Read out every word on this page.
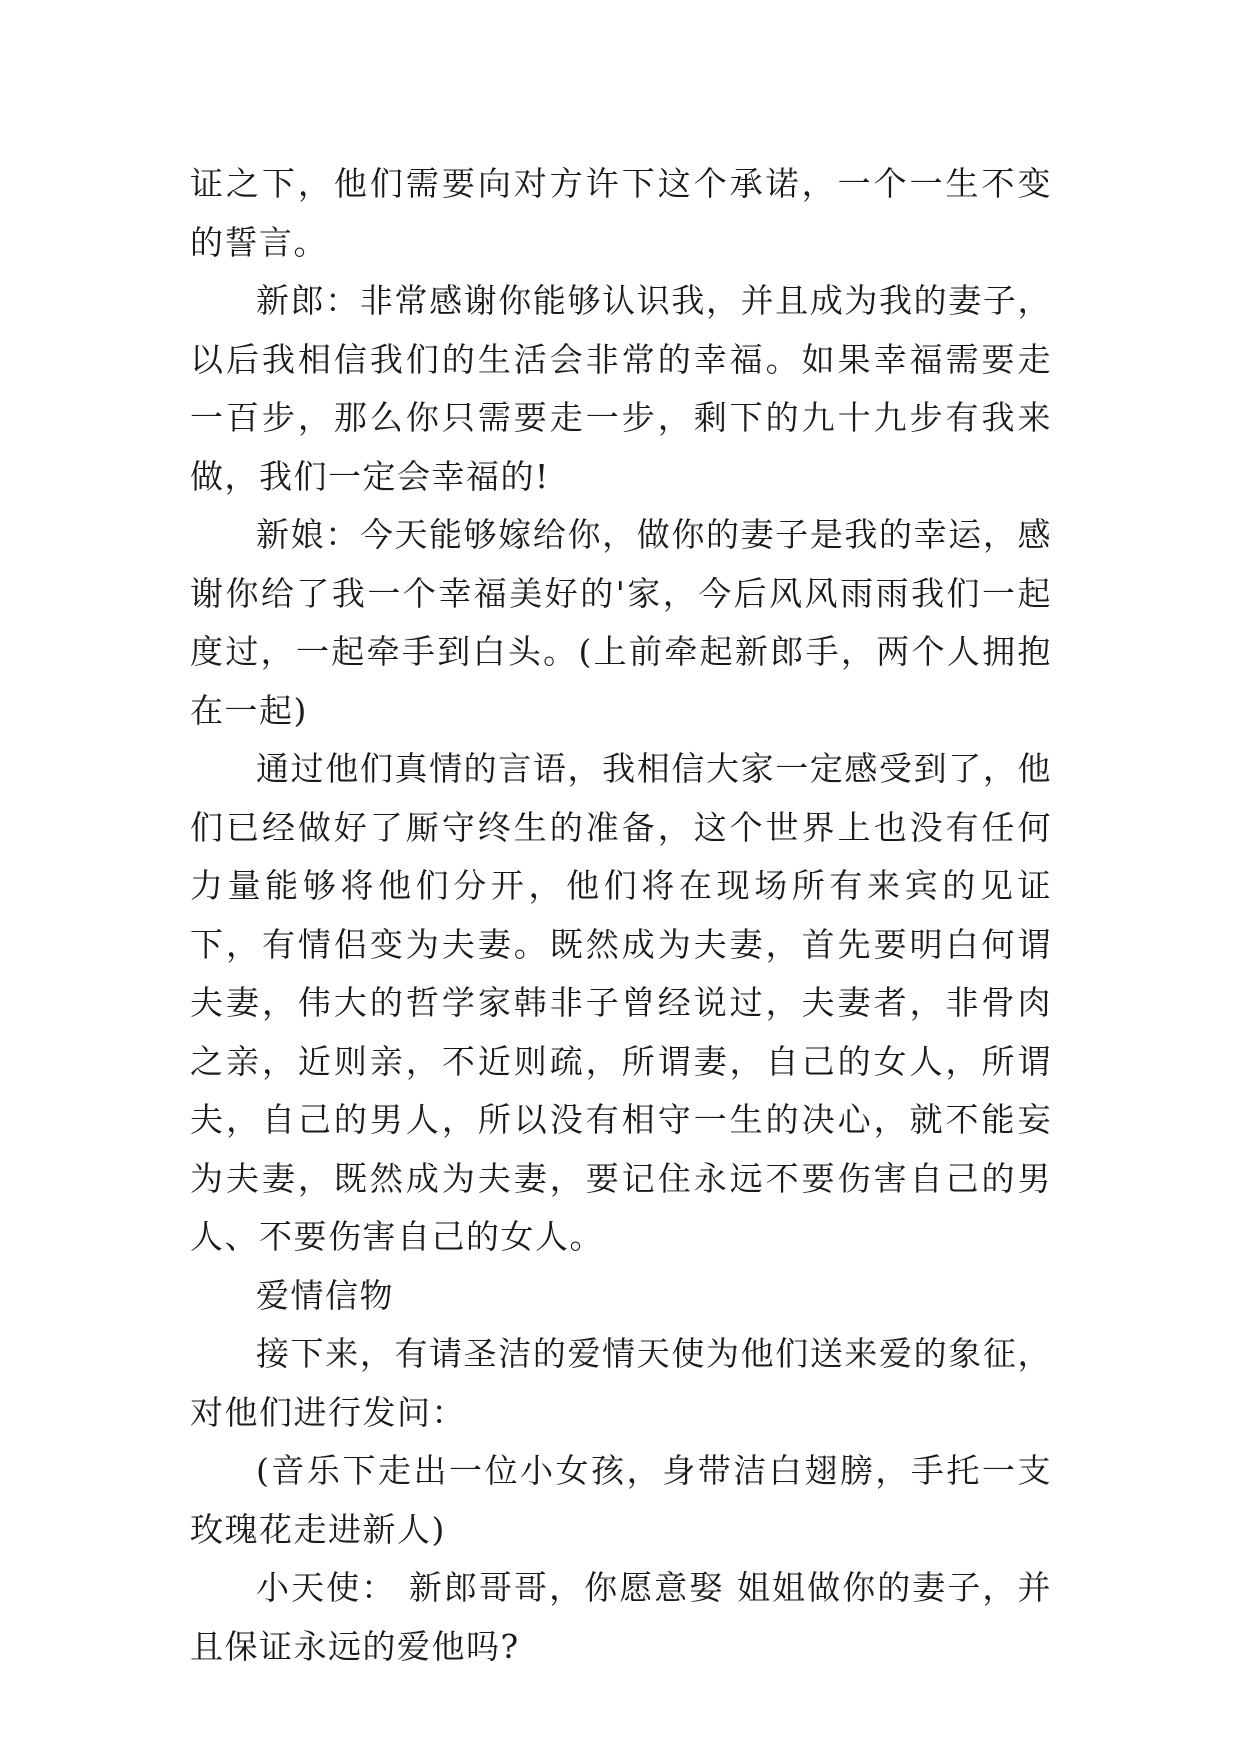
证之下，他们需要向对方许下这个承诺，一个一生不变的誓言。

新郎：非常感谢你能够认识我，并且成为我的妻子，以后我相信我们的生活会非常的幸福。如果幸福需要走一百步，那么你只需要走一步，剩下的九十九步有我来做，我们一定会幸福的!

新娘：今天能够嫁给你，做你的妻子是我的幸运，感谢你给了我一个幸福美好的'家，今后风风雨雨我们一起度过，一起牵手到白头。(上前牵起新郎手，两个人拥抱在一起)

通过他们真情的言语，我相信大家一定感受到了，他们已经做好了厮守终生的准备，这个世界上也没有任何力量能够将他们分开，他们将在现场所有来宾的见证下，有情侣变为夫妻。既然成为夫妻，首先要明白何谓夫妻，伟大的哲学家韩非子曾经说过，夫妻者，非骨肉之亲，近则亲，不近则疏，所谓妻，自己的女人，所谓夫，自己的男人，所以没有相守一生的决心，就不能妄为夫妻，既然成为夫妻，要记住永远不要伤害自己的男人、不要伤害自己的女人。

爱情信物

接下来，有请圣洁的爱情天使为他们送来爱的象征，对他们进行发问：

(音乐下走出一位小女孩，身带洁白翅膀，手托一支玫瑰花走进新人)

小天使： 新郎哥哥，你愿意娶 姐姐做你的妻子，并且保证永远的爱他吗?
